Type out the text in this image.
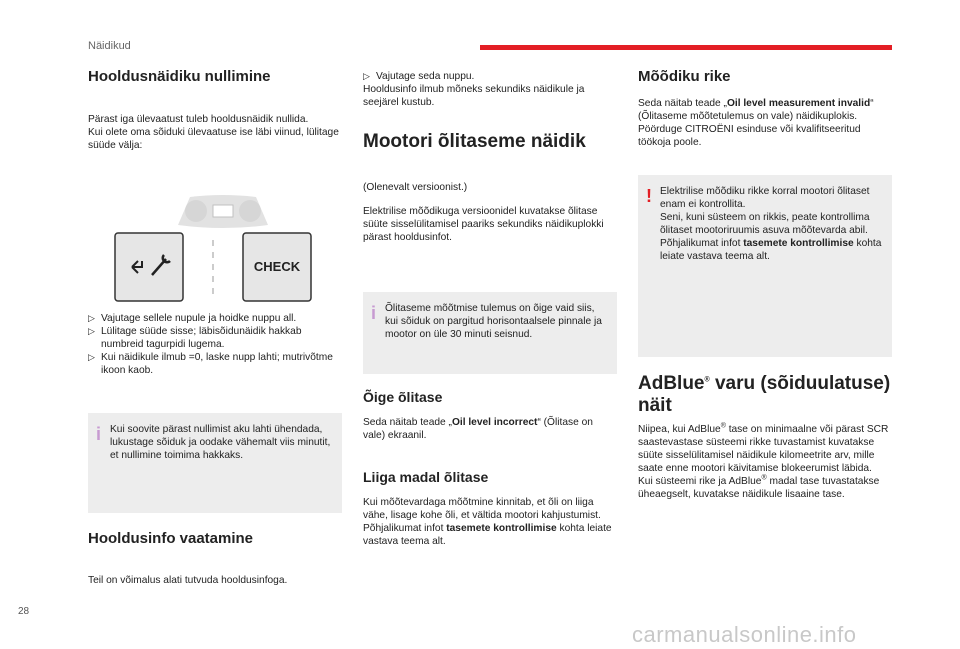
Näidikud
Hooldusnäidiku nullimine
Pärast iga ülevaatust tuleb hooldusnäidik nullida.
Kui olete oma sõiduki ülevaatuse ise läbi viinud, lülitage süüde välja:
CHECK
▷ Vajutage sellele nupule ja hoidke nuppu all.
▷ Lülitage süüde sisse; läbisõidunäidik hakkab numbreid tagurpidi lugema.
▷ Kui näidikule ilmub =0, laske nupp lahti; mutrivõtme ikoon kaob.
i Kui soovite pärast nullimist aku lahti ühendada, lukustage sõiduk ja oodake vähemalt viis minutit, et nullimine toimima hakkaks.
Hooldusinfo vaatamine
Teil on võimalus alati tutvuda hooldusinfoga.
▷ Vajutage seda nuppu.
Hooldusinfo ilmub mõneks sekundiks näidikule ja seejärel kustub.
Mootori õlitaseme näidik
(Olenevalt versioonist.)
Elektrilise mõõdikuga versioonidel kuvatakse õlitase süüte sisselülitamisel paariks sekundiks näidikuplokki pärast hooldusinfot.
i Õlitaseme mõõtmise tulemus on õige vaid siis, kui sõiduk on pargitud horisontaalsele pinnale ja mootor on üle 30 minuti seisnud.
Õige õlitase
Seda näitab teade „Oil level incorrect“ (Õlitase on vale) ekraanil.
Liiga madal õlitase
Kui mõõtevardaga mõõtmine kinnitab, et õli on liiga vähe, lisage kohe õli, et vältida mootori kahjustumist.
Põhjalikumat infot tasemete kontrollimise kohta leiate vastava teema alt.
Mõõdiku rike
Seda näitab teade „Oil level measurement invalid“ (Õlitaseme mõõtetulemus on vale) näidikuplokis.
Pöörduge CITROËNI esinduse või kvalifitseeritud töökoja poole.
! Elektrilise mõõdiku rikke korral mootori õlitaset enam ei kontrollita.
Seni, kuni süsteem on rikkis, peate kontrollima õlitaset mootoriruumis asuva mõõtevarda abil.
Põhjalikumat infot tasemete kontrollimise kohta leiate vastava teema alt.
AdBlue® varu (sõiduulatuse) näit
Niipea, kui AdBlue® tase on minimaalne või pärast SCR saastevastase süsteemi rikke tuvastamist kuvatakse süüte sisselülitamisel näidikule kilomeetrite arv, mille saate enne mootori käivitamise blokeerumist läbida.
Kui süsteemi rike ja AdBlue® madal tase tuvastatakse üheaegselt, kuvatakse näidikule lisaaine tase.
28
carmanualsonline.info
